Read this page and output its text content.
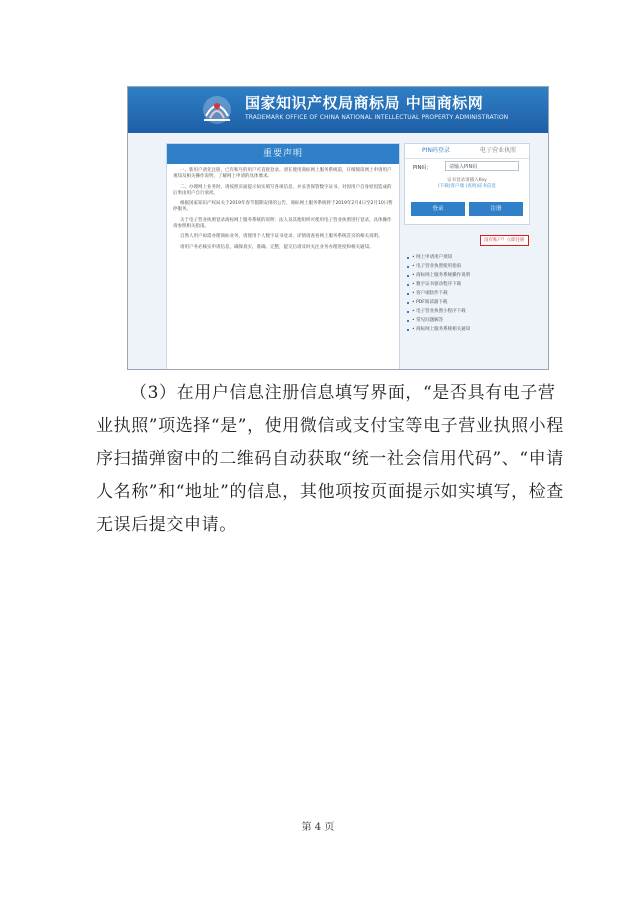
国家知识产权局商标局 中国商标网
TRADEMARK OFFICE OF CHINA NATIONAL INTELLECTUAL PROPERTY ADMINISTRATION
重要声明

一、新用户请先注册，已有账号的用户可直接登录。请在使用商标网上服务系统前，仔细阅读网上申请用户须知及相关操作说明，了解网上申请的具体要求。

二、办理网上业务时，请按照页面提示如实填写各项信息，并妥善保管数字证书，对因用户自身原因造成的后果由用户自行承担。

根据国家知识产权局关于2019年春节假期安排的公告，商标网上服务系统将于2019年2月4日至2月10日暂停服务。

关于电子营业执照登录商标网上服务系统的说明：法人及其他组织可使用电子营业执照进行登录，具体操作请参照相关指南。

自然人用户如需办理商标业务，请使用个人数字证书登录，详情请查看网上服务系统首页的相关说明。

请用户务必核实申请信息，确保真实、准确、完整，提交后请及时关注业务办理进度和相关通知。

PIN码登录	电子营业执照
PIN码：	请输入PIN码
证书登录请插入Key
(下载)客户端 (查询)证书信息
登录	注册
没有账户？立即注册
• 网上申请用户须知
• 电子营业执照使用指南
• 商标网上服务系统操作说明
• 数字证书驱动程序下载
• 客户端软件下载
• PDF阅读器下载
• 电子营业执照小程序下载
• 常见问题解答
• 商标网上服务系统相关通知

（3）在用户信息注册信息填写界面，“是否具有电子营
业执照”项选择“是”，使用微信或支付宝等电子营业执照小程
序扫描弹窗中的二维码自动获取“统一社会信用代码”、“申请
人名称”和“地址”的信息，其他项按页面提示如实填写，检查
无误后提交申请。

第 4 页
